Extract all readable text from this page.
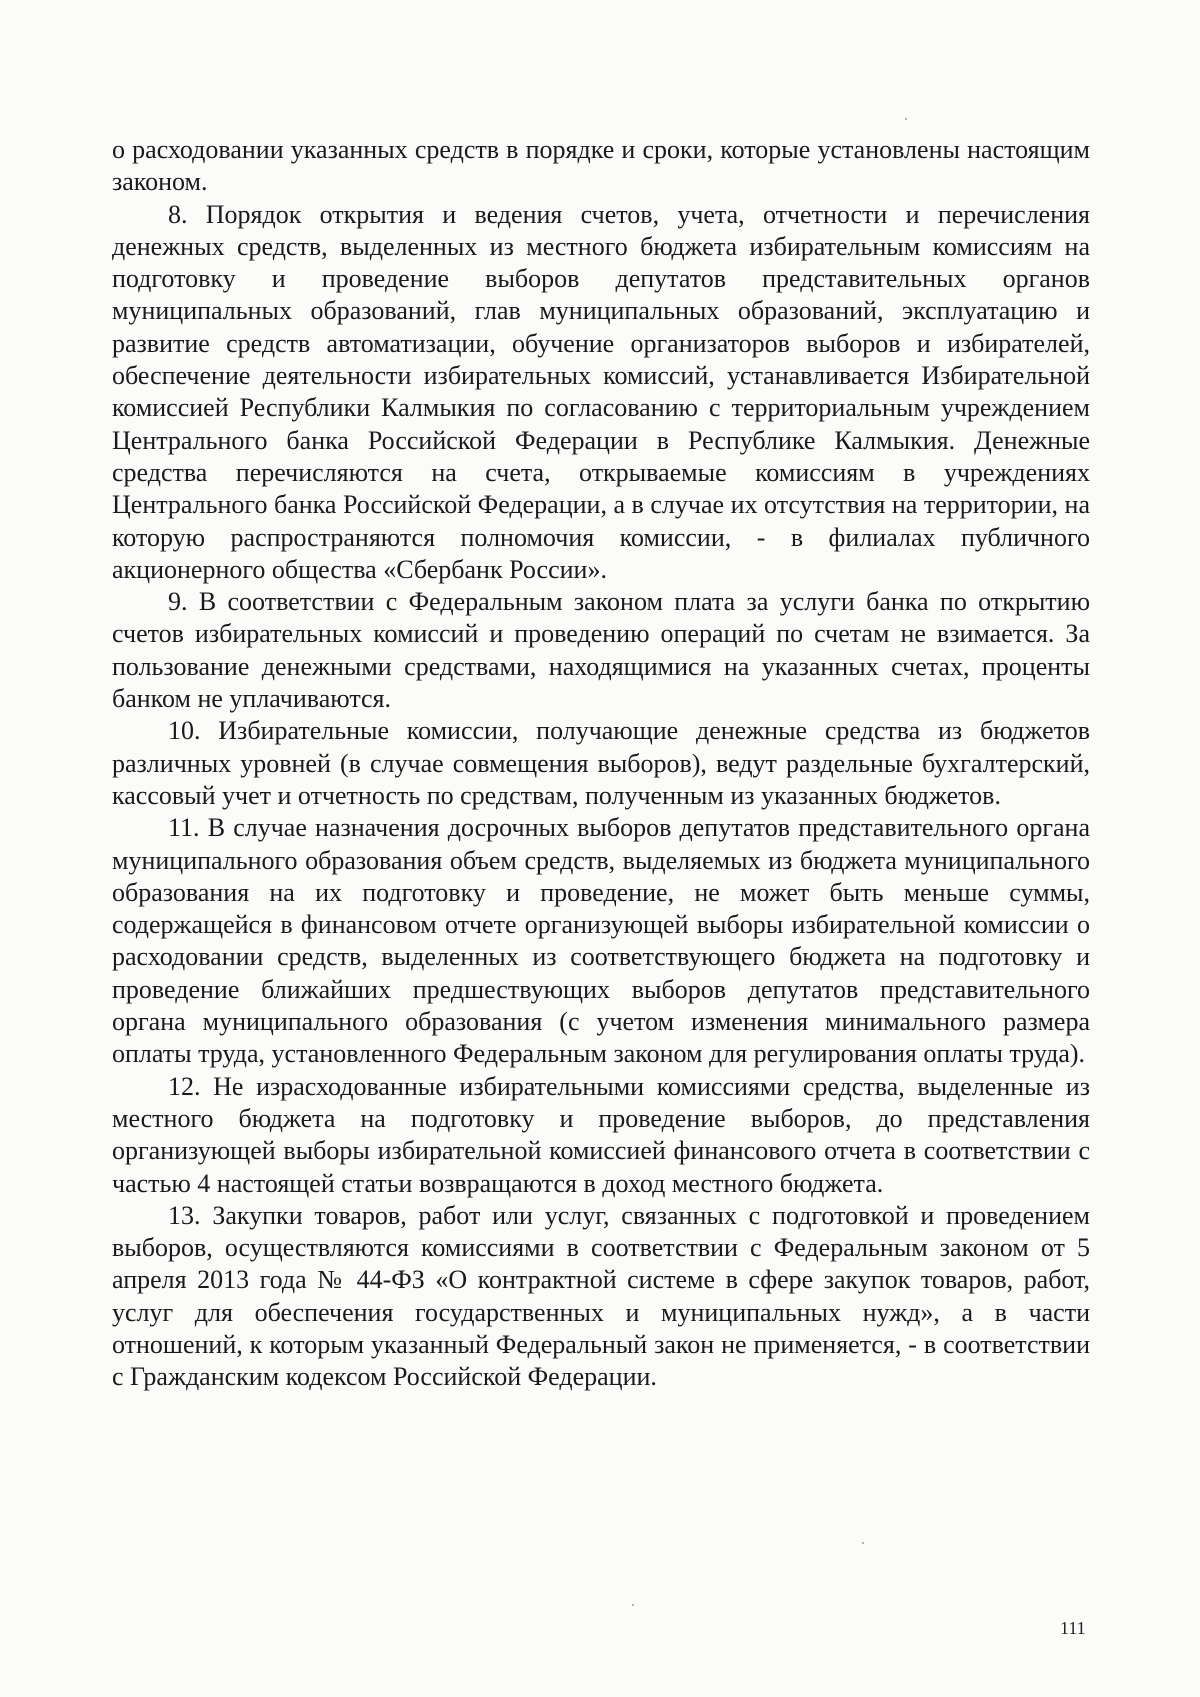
о расходовании указанных средств в порядке и сроки, которые установлены настоящим законом.

8. Порядок открытия и ведения счетов, учета, отчетности и перечисления денежных средств, выделенных из местного бюджета избирательным комиссиям на подготовку и проведение выборов депутатов представительных органов муниципальных образований, глав муниципальных образований, эксплуатацию и развитие средств автоматизации, обучение организаторов выборов и избирателей, обеспечение деятельности избирательных комиссий, устанавливается Избирательной комиссией Республики Калмыкия по согласованию с территориальным учреждением Центрального банка Российской Федерации в Республике Калмыкия. Денежные средства перечисляются на счета, открываемые комиссиям в учреждениях Центрального банка Российской Федерации, а в случае их отсутствия на территории, на которую распространяются полномочия комиссии, - в филиалах публичного акционерного общества «Сбербанк России».

9. В соответствии с Федеральным законом плата за услуги банка по открытию счетов избирательных комиссий и проведению операций по счетам не взимается. За пользование денежными средствами, находящимися на указанных счетах, проценты банком не уплачиваются.

10. Избирательные комиссии, получающие денежные средства из бюджетов различных уровней (в случае совмещения выборов), ведут раздельные бухгалтерский, кассовый учет и отчетность по средствам, полученным из указанных бюджетов.

11. В случае назначения досрочных выборов депутатов представительного органа муниципального образования объем средств, выделяемых из бюджета муниципального образования на их подготовку и проведение, не может быть меньше суммы, содержащейся в финансовом отчете организующей выборы избирательной комиссии о расходовании средств, выделенных из соответствующего бюджета на подготовку и проведение ближайших предшествующих выборов депутатов представительного органа муниципального образования (с учетом изменения минимального размера оплаты труда, установленного Федеральным законом для регулирования оплаты труда).

12. Не израсходованные избирательными комиссиями средства, выделенные из местного бюджета на подготовку и проведение выборов, до представления организующей выборы избирательной комиссией финансового отчета в соответствии с частью 4 настоящей статьи возвращаются в доход местного бюджета.

13. Закупки товаров, работ или услуг, связанных с подготовкой и проведением выборов, осуществляются комиссиями в соответствии с Федеральным законом от 5 апреля 2013 года № 44-ФЗ «О контрактной системе в сфере закупок товаров, работ, услуг для обеспечения государственных и муниципальных нужд», а в части отношений, к которым указанный Федеральный закон не применяется, - в соответствии с Гражданским кодексом Российской Федерации.

111
